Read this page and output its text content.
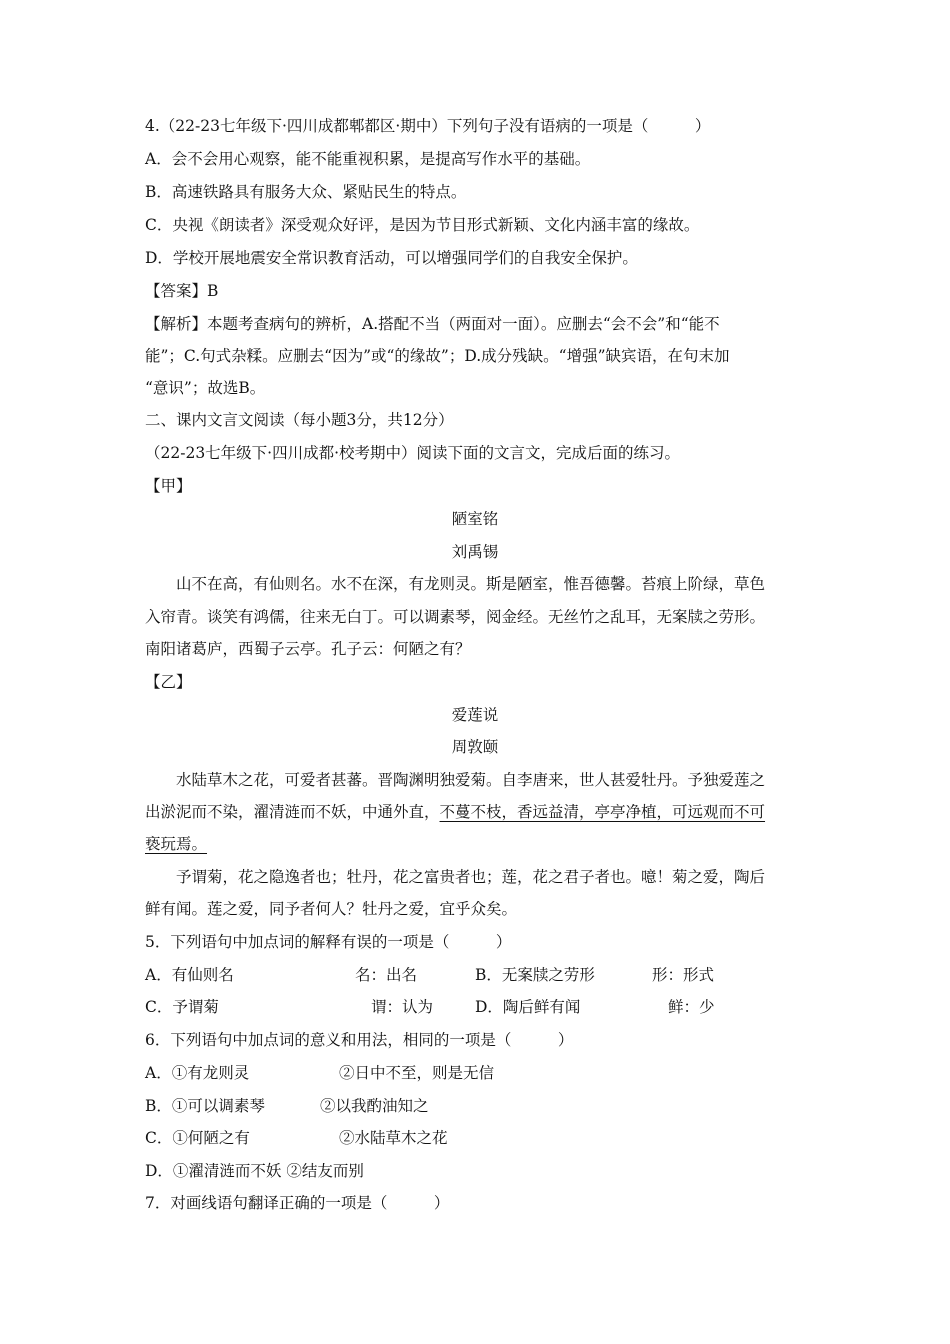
4.（22-23七年级下·四川成都郫都区·期中）下列句子没有语病的一项是（　　　）
A．会不会用心观察，能不能重视积累，是提高写作水平的基础。
B．高速铁路具有服务大众、紧贴民生的特点。
C．央视《朗读者》深受观众好评，是因为节目形式新颖、文化内涵丰富的缘故。
D．学校开展地震安全常识教育活动，可以增强同学们的自我安全保护。
【答案】B
【解析】本题考查病句的辨析，A.搭配不当（两面对一面）。应删去“会不会”和“能不
能”；C.句式杂糅。应删去“因为”或“的缘故”；D.成分残缺。“增强”缺宾语，在句末加
“意识”；故选B。
二、课内文言文阅读（每小题3分，共12分）
（22-23七年级下·四川成都·校考期中）阅读下面的文言文，完成后面的练习。
【甲】
陋室铭
刘禹锡
山不在高，有仙则名。水不在深，有龙则灵。斯是陋室，惟吾德馨。苔痕上阶绿，草色
入帘青。谈笑有鸿儒，往来无白丁。可以调素琴，阅金经。无丝竹之乱耳，无案牍之劳形。
南阳诸葛庐，西蜀子云亭。孔子云：何陋之有？
【乙】
爱莲说
周敦颐
水陆草木之花，可爱者甚蕃。晋陶渊明独爱菊。自李唐来，世人甚爱牡丹。予独爱莲之
出淤泥而不染，濯清涟而不妖，中通外直，不蔓不枝，香远益清，亭亭净植，可远观而不可
亵玩焉。
予谓菊，花之隐逸者也；牡丹，花之富贵者也；莲，花之君子者也。噫！菊之爱，陶后
鲜有闻。莲之爱，同予者何人？牡丹之爱，宜乎众矣。
5．下列语句中加点词的解释有误的一项是（　　　）
A．有仙则名	名：出名	B．无案牍之劳形	形：形式
C．予谓菊	谓：认为	D．陶后鲜有闻	鲜：少
6．下列语句中加点词的意义和用法，相同的一项是（　　　）
A．①有龙则灵	②日中不至，则是无信
B．①可以调素琴	②以我酌油知之
C．①何陋之有	②水陆草木之花
D．①濯清涟而不妖 ②结友而别
7．对画线语句翻译正确的一项是（　　　）
